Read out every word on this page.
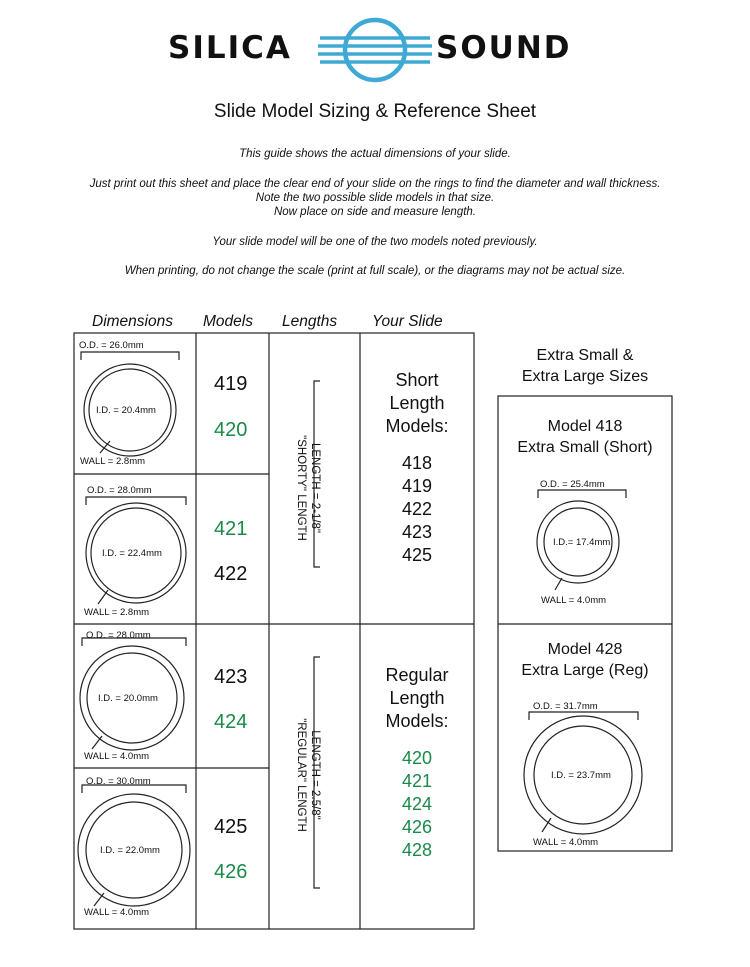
SILICA	SOUND
Slide Model Sizing & Reference Sheet
This guide shows the actual dimensions of your slide.
Just print out this sheet and place the clear end of your slide on the rings to find the diameter and wall thickness.
Note the two possible slide models in that size.
Now place on side and measure length.
Your slide model will be one of the two models noted previously.
When printing, do not change the scale (print at full scale), or the diagrams may not be actual size.
Dimensions Models Lengths Your Slide
O.D. = 26.0mm
I.D. = 20.4mm
WALL = 2.8mm
O.D. = 28.0mm
I.D. = 22.4mm
WALL = 2.8mm
O.D. = 28.0mm
I.D. = 20.0mm
WALL = 4.0mm
O.D. = 30.0mm
I.D. = 22.0mm
WALL = 4.0mm
419
420
421
422
423
424
425
426
LENGTH = 2-1/8"
"SHORTY" LENGTH
LENGTH = 2.5/8"
"REGULAR" LENGTH
Short
Length
Models:
418
419
422
423
425
Regular
Length
Models:
420
421
424
426
428
Extra Small &
Extra Large Sizes
Model 418
Extra Small (Short)
O.D. = 25.4mm
I.D.= 17.4mm
WALL = 4.0mm
Model 428
Extra Large (Reg)
O.D. = 31.7mm
I.D. = 23.7mm
WALL = 4.0mm
